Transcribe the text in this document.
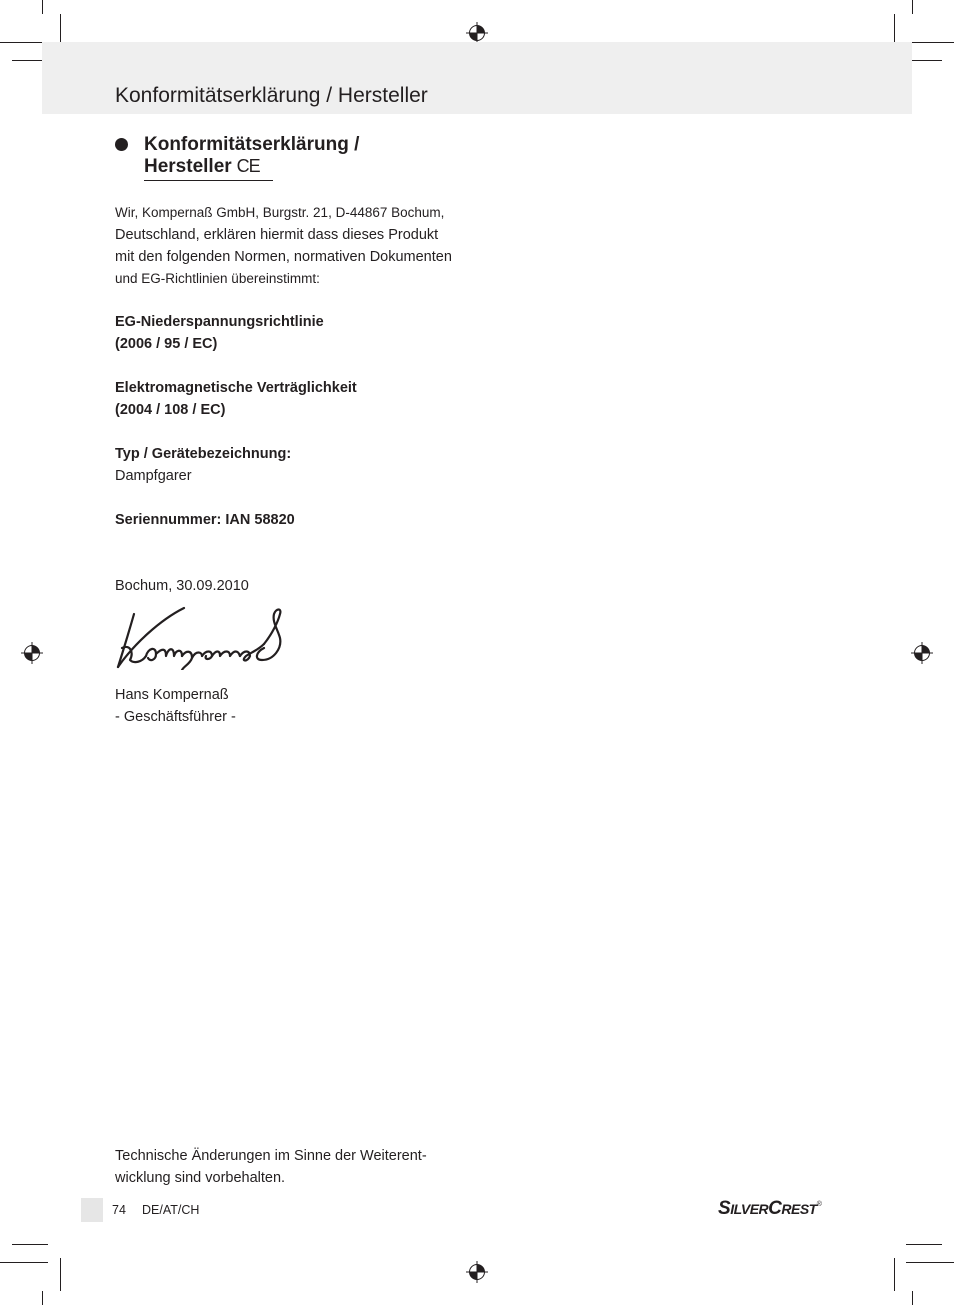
Konformitätserklärung / Hersteller
Konformitätserklärung /
Hersteller CE
Wir, Kompernaß GmbH, Burgstr. 21, D-44867 Bochum,
Deutschland, erklären hiermit dass dieses Produkt
mit den folgenden Normen, normativen Dokumenten
und EG-Richtlinien übereinstimmt:
EG-Niederspannungsrichtlinie
(2006 / 95 / EC)
Elektromagnetische Verträglichkeit
(2004 / 108 / EC)
Typ / Gerätebezeichnung:
Dampfgarer
Seriennummer: IAN 58820
Bochum, 30.09.2010
Hans Kompernaß
- Geschäftsführer -
Technische Änderungen im Sinne der Weiterent-
wicklung sind vorbehalten.
74 DE/AT/CH	SILVERCREST®
